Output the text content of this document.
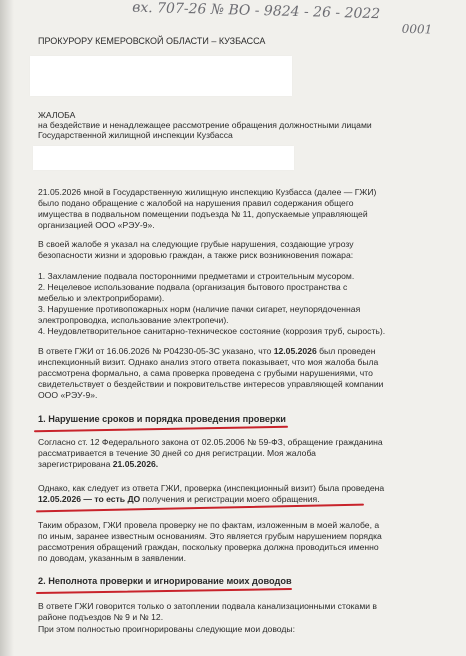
вх. 707-26 № ВО - 9824 - 26 - 2022
0001
ПРОКУРОРУ КЕМЕРОВСКОЙ ОБЛАСТИ – КУЗБАССА
ЖАЛОБА
на бездействие и ненадлежащее рассмотрение обращения должностными лицами
Государственной жилищной инспекции Кузбасса
21.05.2026 мной в Государственную жилищную инспекцию Кузбасса (далее — ГЖИ)
было подано обращение с жалобой на нарушения правил содержания общего
имущества в подвальном помещении подъезда № 11, допускаемые управляющей
организацией ООО «РЭУ-9».
В своей жалобе я указал на следующие грубые нарушения, создающие угрозу
безопасности жизни и здоровью граждан, а также риск возникновения пожара:
1. Захламление подвала посторонними предметами и строительным мусором.
2. Нецелевое использование подвала (организация бытового пространства с
мебелью и электроприборами).
3. Нарушение противопожарных норм (наличие пачки сигарет, неупорядоченная
электропроводка, использование электропечи).
4. Неудовлетворительное санитарно-техническое состояние (коррозия труб, сырость).
В ответе ГЖИ от 16.06.2026 № Р04230-05-ЗС указано, что 12.05.2026 был проведен
инспекционный визит. Однако анализ этого ответа показывает, что моя жалоба была
рассмотрена формально, а сама проверка проведена с грубыми нарушениями, что
свидетельствует о бездействии и покровительстве интересов управляющей компании
ООО «РЭУ-9».
1. Нарушение сроков и порядка проведения проверки
Согласно ст. 12 Федерального закона от 02.05.2006 № 59-ФЗ, обращение гражданина
рассматривается в течение 30 дней со дня регистрации. Моя жалоба
зарегистрирована 21.05.2026.
Однако, как следует из ответа ГЖИ, проверка (инспекционный визит) была проведена
12.05.2026 — то есть ДО получения и регистрации моего обращения.
Таким образом, ГЖИ провела проверку не по фактам, изложенным в моей жалобе, а
по иным, заранее известным основаниям. Это является грубым нарушением порядка
рассмотрения обращений граждан, поскольку проверка должна проводиться именно
по доводам, указанным в заявлении.
2. Неполнота проверки и игнорирование моих доводов
В ответе ГЖИ говорится только о затоплении подвала канализационными стоками в
районе подъездов № 9 и № 12.
При этом полностью проигнорированы следующие мои доводы:
